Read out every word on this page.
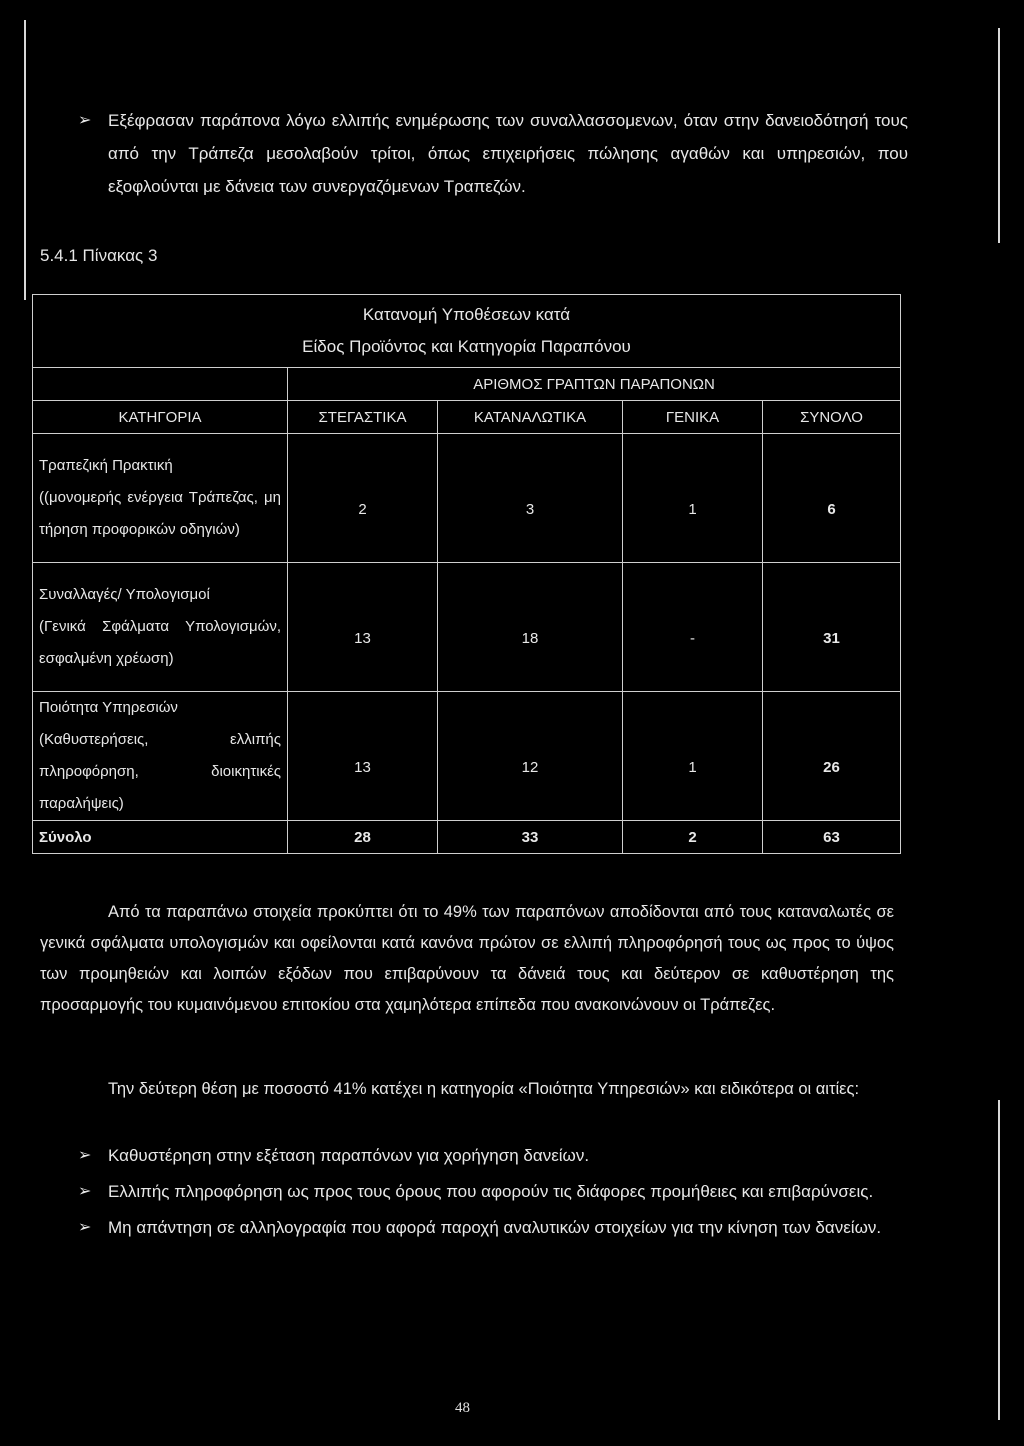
➢ Εξέφρασαν παράπονα λόγω ελλιπής ενημέρωσης των συναλλασσομενων, όταν στην δανειοδότησή τους από την Τράπεζα μεσολαβούν τρίτοι, όπως επιχειρήσεις πώλησης αγαθών και υπηρεσιών, που εξοφλούνται με δάνεια των συνεργαζόμενων Τραπεζών.
5.4.1 Πίνακας 3
Κατανομή Υποθέσεων κατά
Είδος Προϊόντος και Κατηγορία Παραπόνου				

	ΑΡΙΘΜΟΣ ΓΡΑΠΤΩΝ ΠΑΡΑΠΟΝΩΝ			
ΚΑΤΗΓΟΡΙΑ	ΣΤΕΓΑΣΤΙΚΑ	ΚΑΤΑΝΑΛΩΤΙΚΑ	ΓΕΝΙΚΑ	ΣΥΝΟΛΟ

Τραπεζική Πρακτική
((μονομερής ενέργεια Τράπεζας, μη τήρηση προφορικών οδηγιών)	2	3	1	6

Συναλλαγές/ Υπολογισμοί
(Γενικά Σφάλματα Υπολογισμών, εσφαλμένη χρέωση)	13	18	-	31

Ποιότητα Υπηρεσιών
(Καθυστερήσεις, ελλιπής πληροφόρηση, διοικητικές παραλήψεις)	13	12	1	26
Σύνολο	28	33	2	63
Από τα παραπάνω στοιχεία προκύπτει ότι το 49% των παραπόνων αποδίδονται από τους καταναλωτές σε γενικά σφάλματα υπολογισμών και οφείλονται κατά κανόνα πρώτον σε ελλιπή πληροφόρησή τους ως προς το ύψος των προμηθειών και λοιπών εξόδων που επιβαρύνουν τα δάνειά τους και δεύτερον σε καθυστέρηση της προσαρμογής του κυμαινόμενου επιτοκίου στα χαμηλότερα επίπεδα που ανακοινώνουν οι Τράπεζες.
Την δεύτερη θέση με ποσοστό 41% κατέχει η κατηγορία «Ποιότητα Υπηρεσιών» και ειδικότερα οι αιτίες:
➢ Καθυστέρηση στην εξέταση παραπόνων για χορήγηση δανείων.
➢ Ελλιπής πληροφόρηση ως προς τους όρους που αφορούν τις διάφορες προμήθειες και επιβαρύνσεις.
➢ Μη απάντηση σε αλληλογραφία που αφορά παροχή αναλυτικών στοιχείων για την κίνηση των δανείων.
48
